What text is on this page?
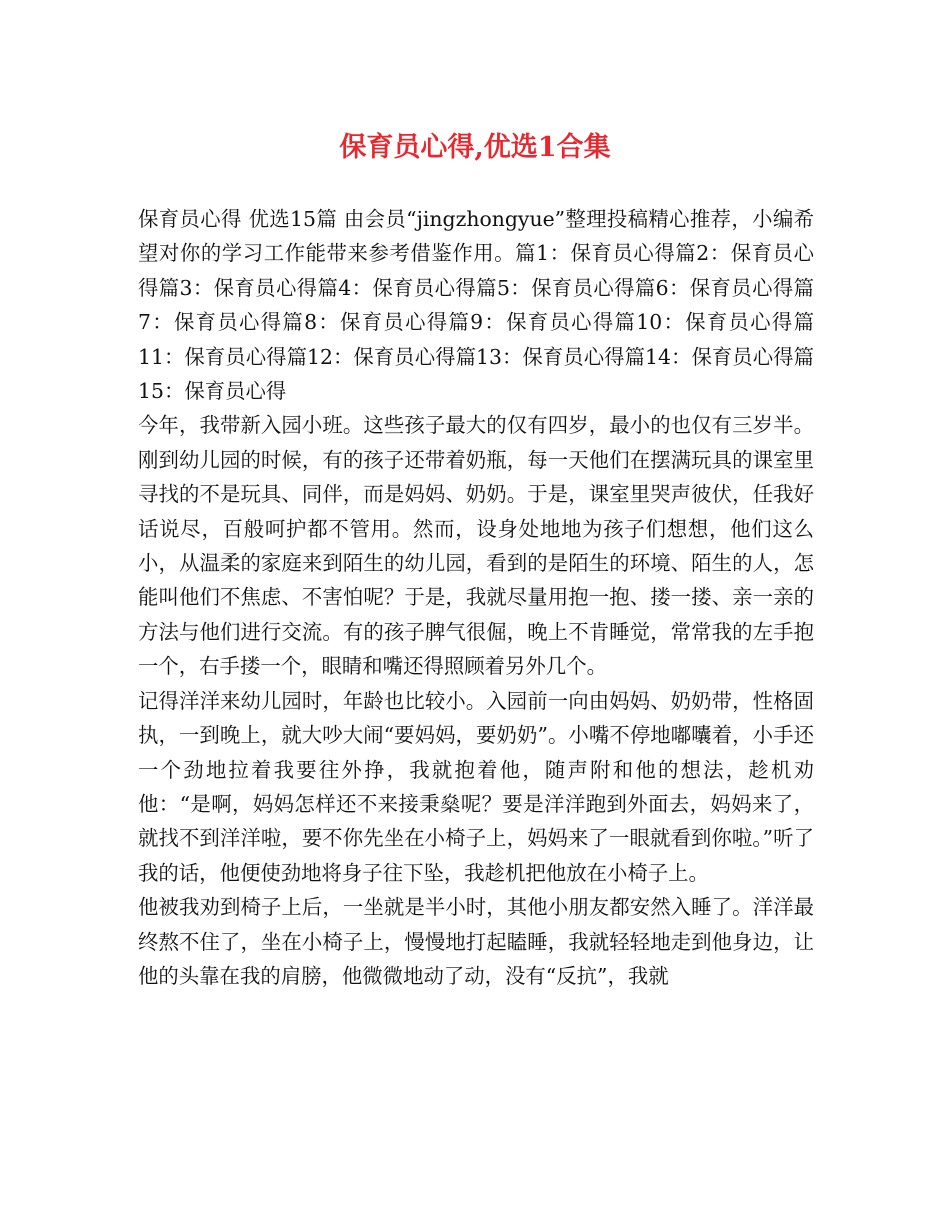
保育员心得,优选1合集

保育员心得 优选15篇 由会员“jingzhongyue”整理投稿精心推荐，小编希望对你的学习工作能带来参考借鉴作用。篇1：保育员心得篇2：保育员心得篇3：保育员心得篇4：保育员心得篇5：保育员心得篇6：保育员心得篇7：保育员心得篇8：保育员心得篇9：保育员心得篇10：保育员心得篇11：保育员心得篇12：保育员心得篇13：保育员心得篇14：保育员心得篇15：保育员心得

今年，我带新入园小班。这些孩子最大的仅有四岁，最小的也仅有三岁半。刚到幼儿园的时候，有的孩子还带着奶瓶，每一天他们在摆满玩具的课室里寻找的不是玩具、同伴，而是妈妈、奶奶。于是，课室里哭声彼伏，任我好话说尽，百般呵护都不管用。然而，设身处地地为孩子们想想，他们这么小，从温柔的家庭来到陌生的幼儿园，看到的是陌生的环境、陌生的人，怎能叫他们不焦虑、不害怕呢？于是，我就尽量用抱一抱、搂一搂、亲一亲的方法与他们进行交流。有的孩子脾气很倔，晚上不肯睡觉，常常我的左手抱一个，右手搂一个，眼睛和嘴还得照顾着另外几个。

记得洋洋来幼儿园时，年龄也比较小。入园前一向由妈妈、奶奶带，性格固执，一到晚上，就大吵大闹“要妈妈，要奶奶”。小嘴不停地嘟囔着，小手还一个劲地拉着我要往外挣，我就抱着他，随声附和他的想法，趁机劝他：“是啊，妈妈怎样还不来接秉燊呢？要是洋洋跑到外面去，妈妈来了，就找不到洋洋啦，要不你先坐在小椅子上，妈妈来了一眼就看到你啦。”听了我的话，他便使劲地将身子往下坠，我趁机把他放在小椅子上。

他被我劝到椅子上后，一坐就是半小时，其他小朋友都安然入睡了。洋洋最终熬不住了，坐在小椅子上，慢慢地打起瞌睡，我就轻轻地走到他身边，让他的头靠在我的肩膀，他微微地动了动，没有“反抗”，我就
